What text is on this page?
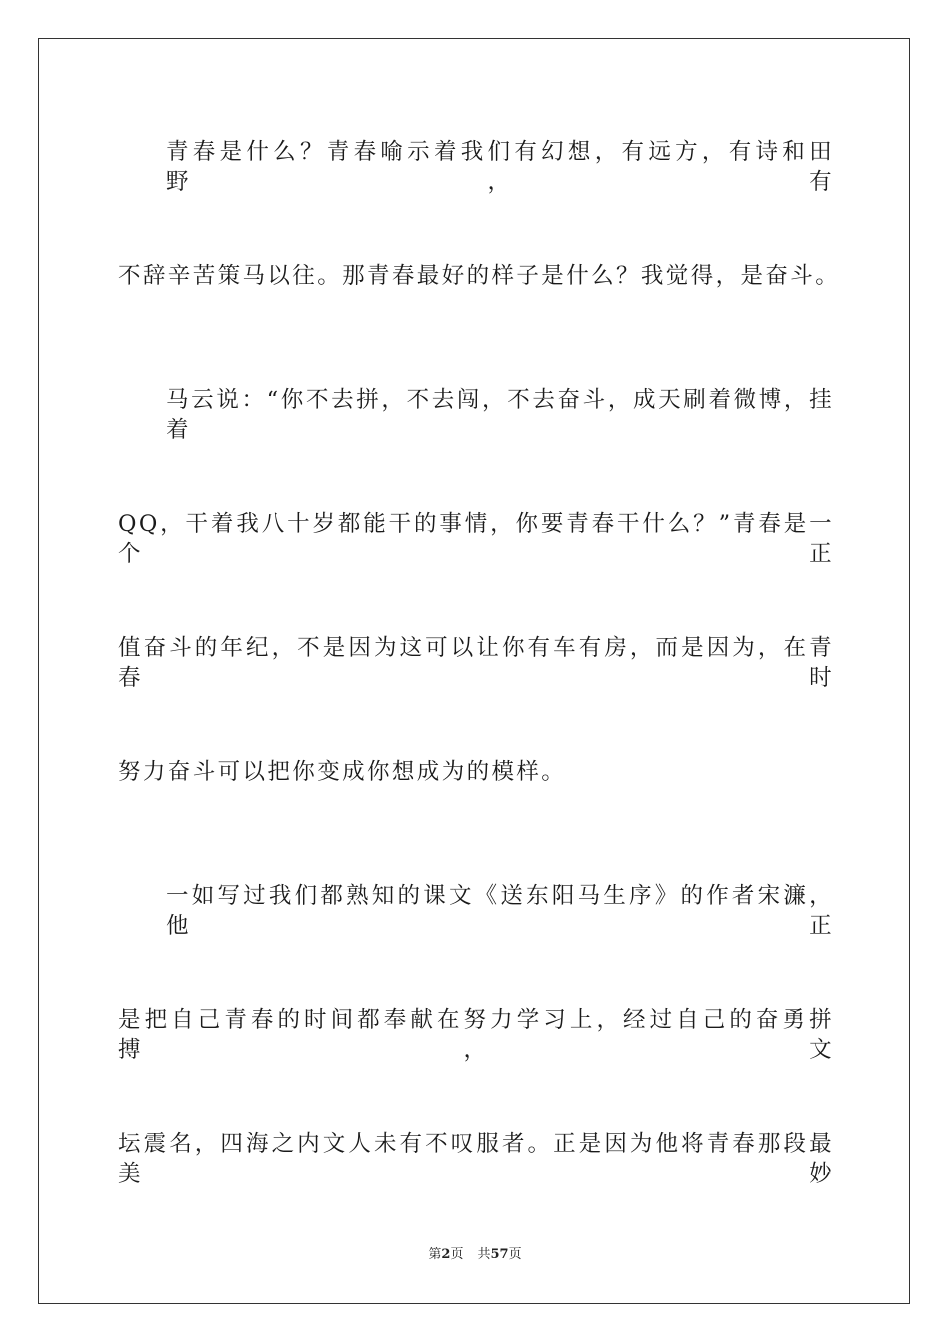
青春是什么？青春喻示着我们有幻想，有远方，有诗和田野，有
不辞辛苦策马以往。那青春最好的样子是什么？我觉得，是奋斗。
马云说：“你不去拼，不去闯，不去奋斗，成天刷着微博，挂着
QQ，干着我八十岁都能干的事情，你要青春干什么？”青春是一个正
值奋斗的年纪，不是因为这可以让你有车有房，而是因为，在青春时
努力奋斗可以把你变成你想成为的模样。
一如写过我们都熟知的课文《送东阳马生序》的作者宋濂，他正
是把自己青春的时间都奉献在努力学习上，经过自己的奋勇拼搏，文
坛震名，四海之内文人未有不叹服者。正是因为他将青春那段最美妙
第2页 共57页
